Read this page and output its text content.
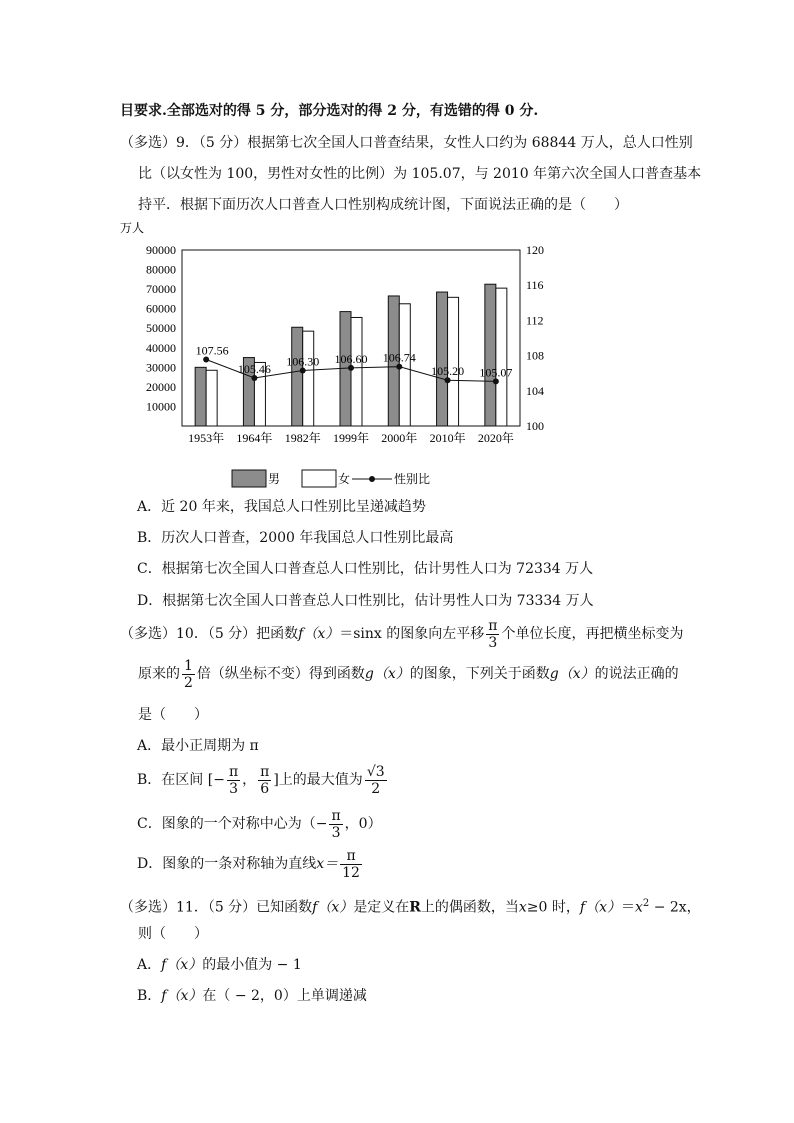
目要求.全部选对的得 5 分，部分选对的得 2 分，有选错的得 0 分.
（多选）9．（5 分）根据第七次全国人口普查结果，女性人口约为 68844 万人，总人口性别
比（以女性为 100，男性对女性的比例）为 105.07，与 2010 年第六次全国人口普查基本
持平．根据下面历次人口普查人口性别构成统计图，下面说法正确的是（　　）
万人
90000
80000
70000
60000
50000
40000
30000
20000
10000
120
116
112
108
104
100
1953年 1964年 1982年 1999年 2000年 2010年 2020年
107.56
105.46
106.30 106.60 106.74
105.20 105.07
男	女	性别比
A．近 20 年来，我国总人口性别比呈递减趋势
B．历次人口普查，2000 年我国总人口性别比最高
C．根据第七次全国人口普查总人口性别比，估计男性人口为 72334 万人
D．根据第七次全国人口普查总人口性别比，估计男性人口为 73334 万人
（多选）10．（5 分）把函数f（x）＝sinx 的图象向左平移 $\frac{\pi}{3}$ 个单位长度，再把横坐标变为
原来的 $\frac{1}{2}$ 倍（纵坐标不变）得到函数g（x）的图象，下列关于函数g（x）的说法正确的
是（　　）
A．最小正周期为 π
B．在区间 [− $\frac{\pi}{3}$ ， $\frac{\pi}{6}$ ]上的最大值为 $\frac{√3}{2}$
C．图象的一个对称中心为（− $\frac{\pi}{3}$ ，0）
D．图象的一条对称轴为直线$x= \frac{\pi}{12}$
（多选）11．（5 分）已知函数f（x）是定义在R上的偶函数，当x≥0 时，$f(x)=x^2 - 2x$，
则（　　）
A．f（x）的最小值为 − 1
B．f（x）在（ − 2，0）上单调递减
